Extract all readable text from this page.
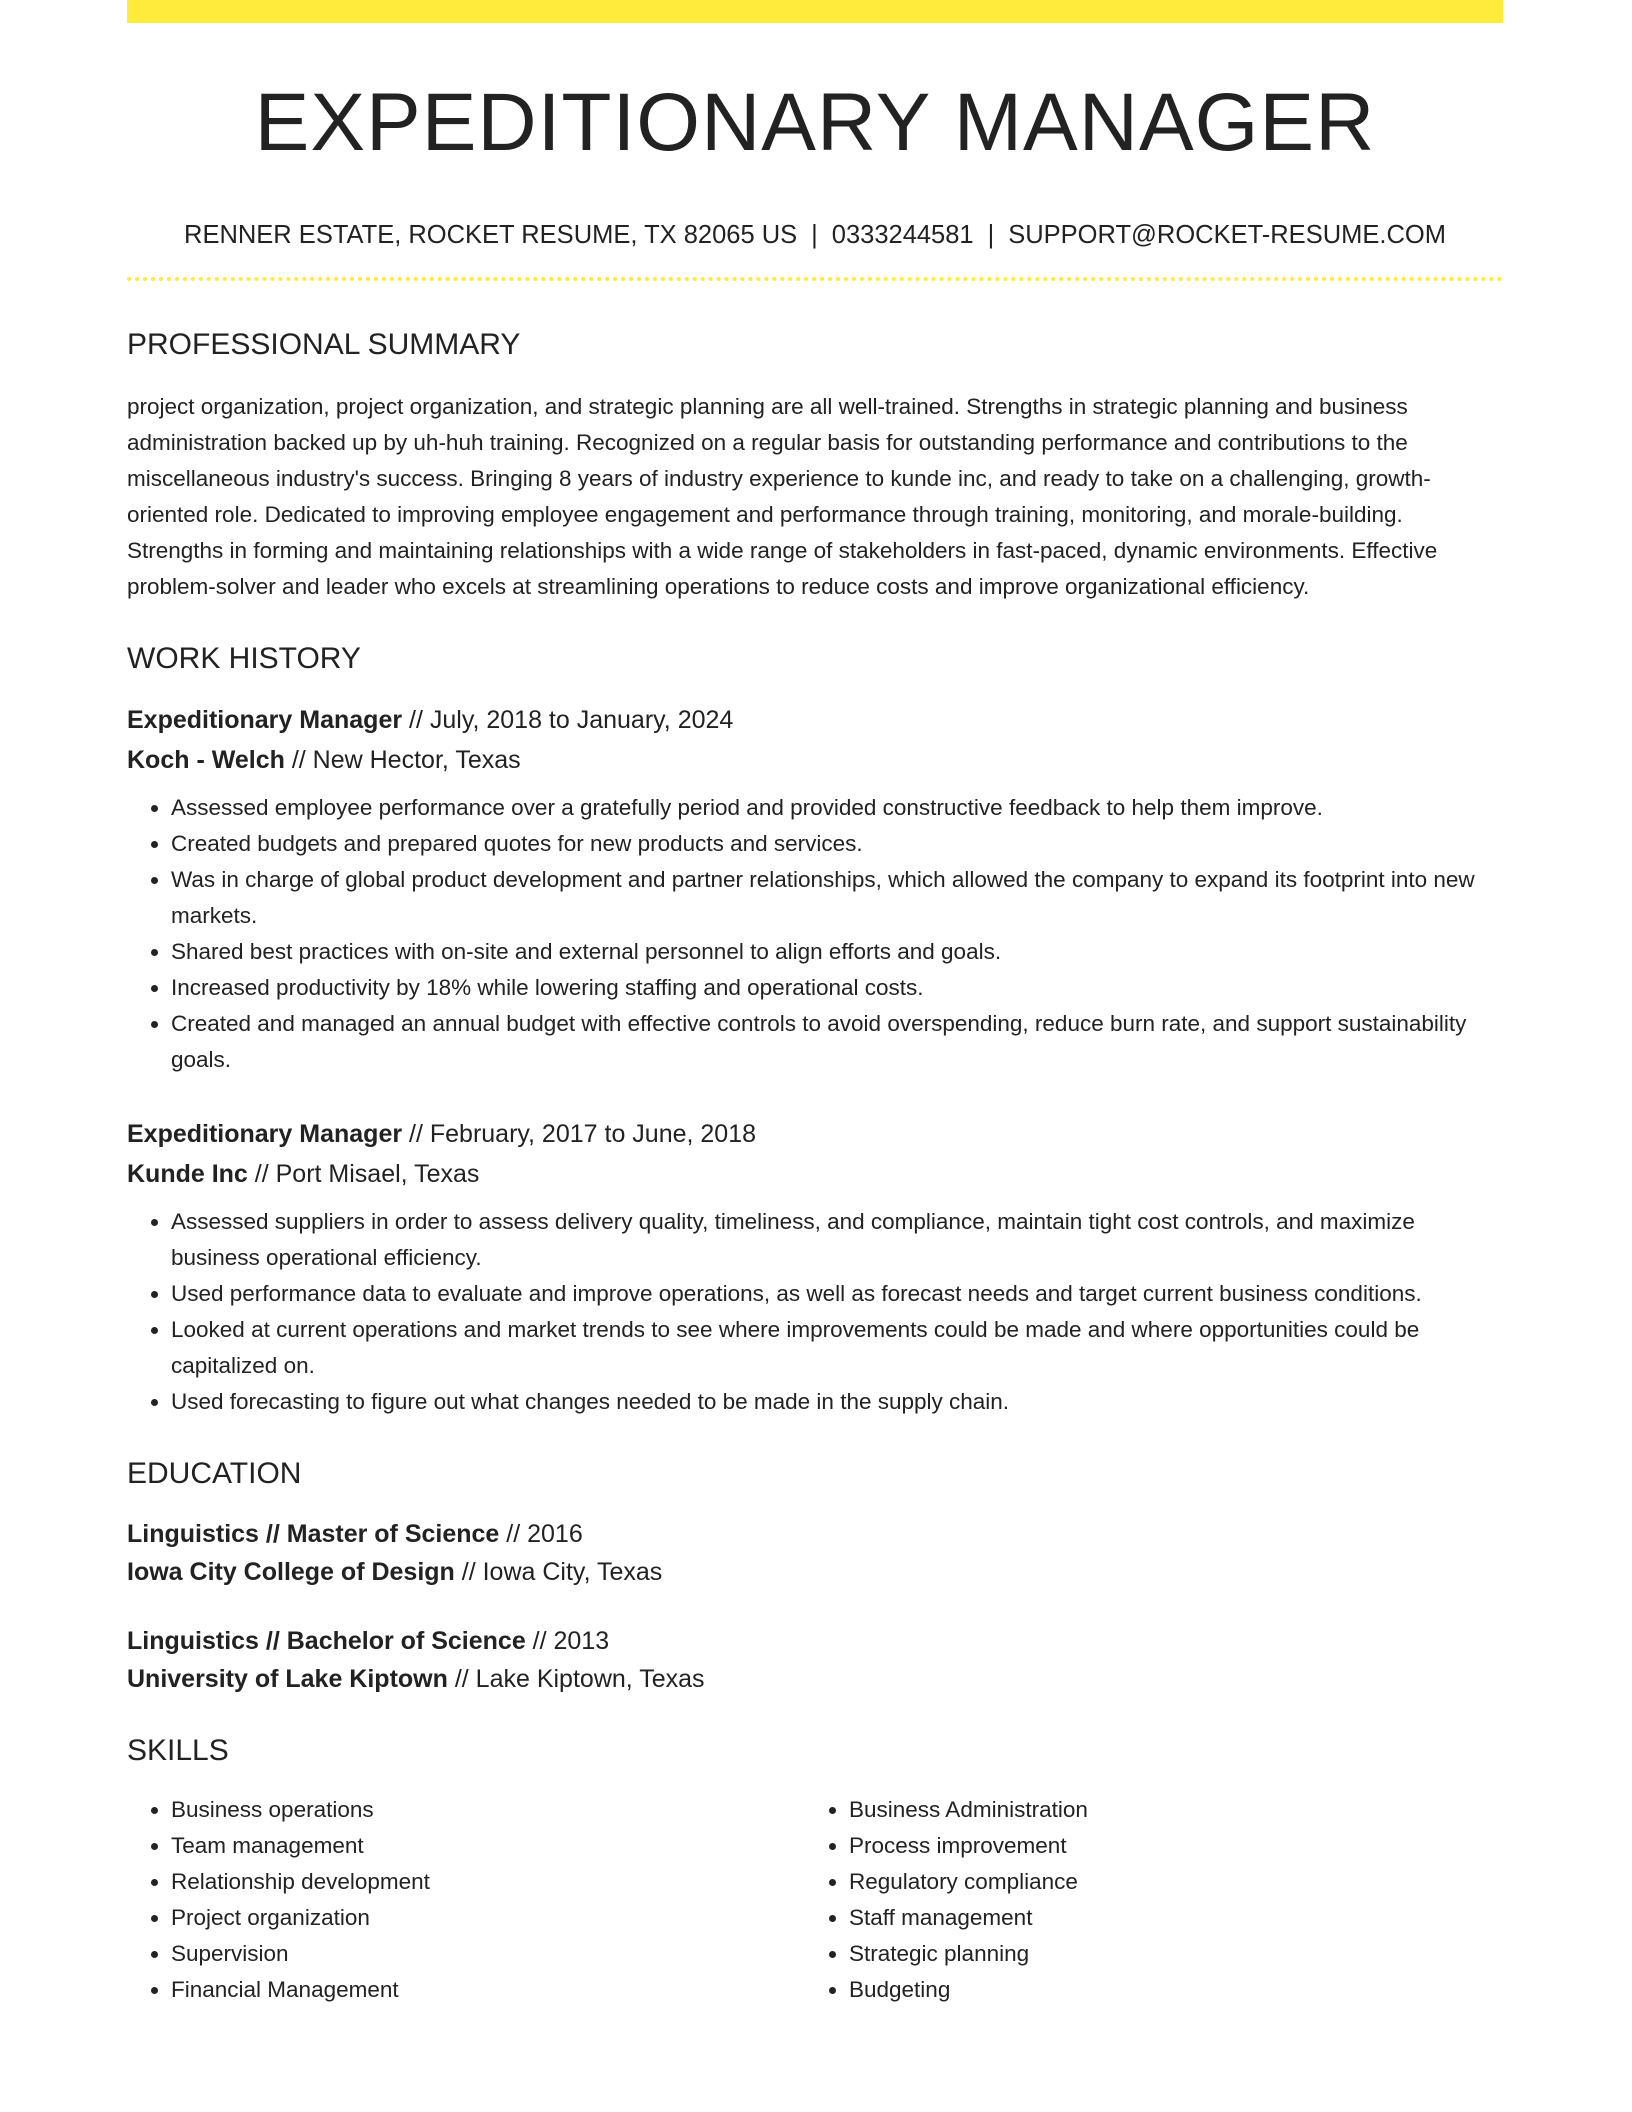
EXPEDITIONARY MANAGER
RENNER ESTATE, ROCKET RESUME, TX 82065 US | 0333244581 | SUPPORT@ROCKET-RESUME.COM
PROFESSIONAL SUMMARY

project organization, project organization, and strategic planning are all well-trained. Strengths in strategic planning and business administration backed up by uh-huh training. Recognized on a regular basis for outstanding performance and contributions to the miscellaneous industry's success. Bringing 8 years of industry experience to kunde inc, and ready to take on a challenging, growth-oriented role. Dedicated to improving employee engagement and performance through training, monitoring, and morale-building. Strengths in forming and maintaining relationships with a wide range of stakeholders in fast-paced, dynamic environments. Effective problem-solver and leader who excels at streamlining operations to reduce costs and improve organizational efficiency.

WORK HISTORY
Expeditionary Manager // July, 2018 to January, 2024
Koch - Welch // New Hector, Texas
• Assessed employee performance over a gratefully period and provided constructive feedback to help them improve.
• Created budgets and prepared quotes for new products and services.
• Was in charge of global product development and partner relationships, which allowed the company to expand its footprint into new markets.
• Shared best practices with on-site and external personnel to align efforts and goals.
• Increased productivity by 18% while lowering staffing and operational costs.
• Created and managed an annual budget with effective controls to avoid overspending, reduce burn rate, and support sustainability goals.
Expeditionary Manager // February, 2017 to June, 2018
Kunde Inc // Port Misael, Texas
• Assessed suppliers in order to assess delivery quality, timeliness, and compliance, maintain tight cost controls, and maximize business operational efficiency.
• Used performance data to evaluate and improve operations, as well as forecast needs and target current business conditions.
• Looked at current operations and market trends to see where improvements could be made and where opportunities could be capitalized on.
• Used forecasting to figure out what changes needed to be made in the supply chain.
EDUCATION
Linguistics // Master of Science // 2016
Iowa City College of Design // Iowa City, Texas
Linguistics // Bachelor of Science // 2013
University of Lake Kiptown // Lake Kiptown, Texas
SKILLS
• Business operations
• Team management
• Relationship development
• Project organization
• Supervision
• Financial Management
• Business Administration
• Process improvement
• Regulatory compliance
• Staff management
• Strategic planning
• Budgeting
